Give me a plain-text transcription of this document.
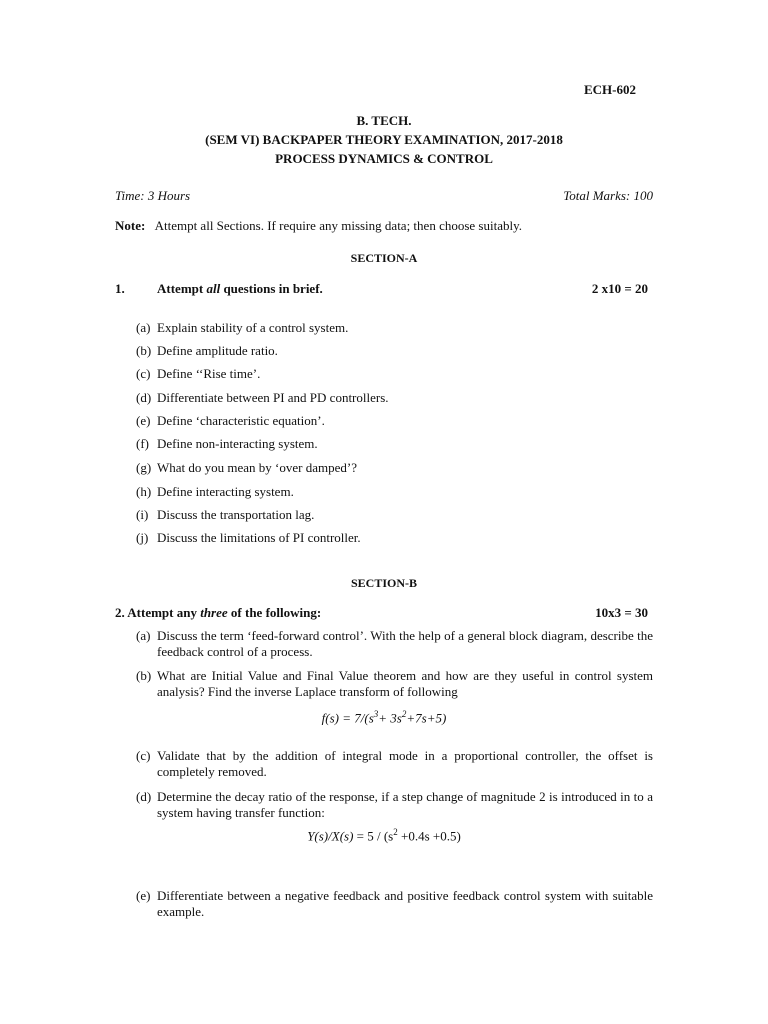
ECH-602
B. TECH.
(SEM VI) BACKPAPER THEORY EXAMINATION, 2017-2018
PROCESS DYNAMICS & CONTROL
Time: 3 Hours	Total Marks: 100
Note: Attempt all Sections. If require any missing data; then choose suitably.
SECTION-A
1. Attempt all questions in brief.	2 x10 = 20
(a) Explain stability of a control system.
(b) Define amplitude ratio.
(c) Define ‘‘Rise time’.
(d) Differentiate between PI and PD controllers.
(e) Define ‘characteristic equation’.
(f) Define non-interacting system.
(g) What do you mean by ‘over damped’?
(h) Define interacting system.
(i) Discuss the transportation lag.
(j) Discuss the limitations of PI controller.
SECTION-B
2. Attempt any three of the following:	10x3 = 30
(a) Discuss the term ‘feed-forward control’. With the help of a general block diagram, describe the feedback control of a process.
(b) What are Initial Value and Final Value theorem and how are they useful in control system analysis? Find the inverse Laplace transform of following
$f(s) = 7/(s^3+ 3s^2+7s+5)$
(c) Validate that by the addition of integral mode in a proportional controller, the offset is completely removed.
(d) Determine the decay ratio of the response, if a step change of magnitude 2 is introduced in to a system having transfer function:
$Y(s)/X(s) = 5 / (s^2 +0.4s +0.5)$
(e) Differentiate between a negative feedback and positive feedback control system with suitable example.
